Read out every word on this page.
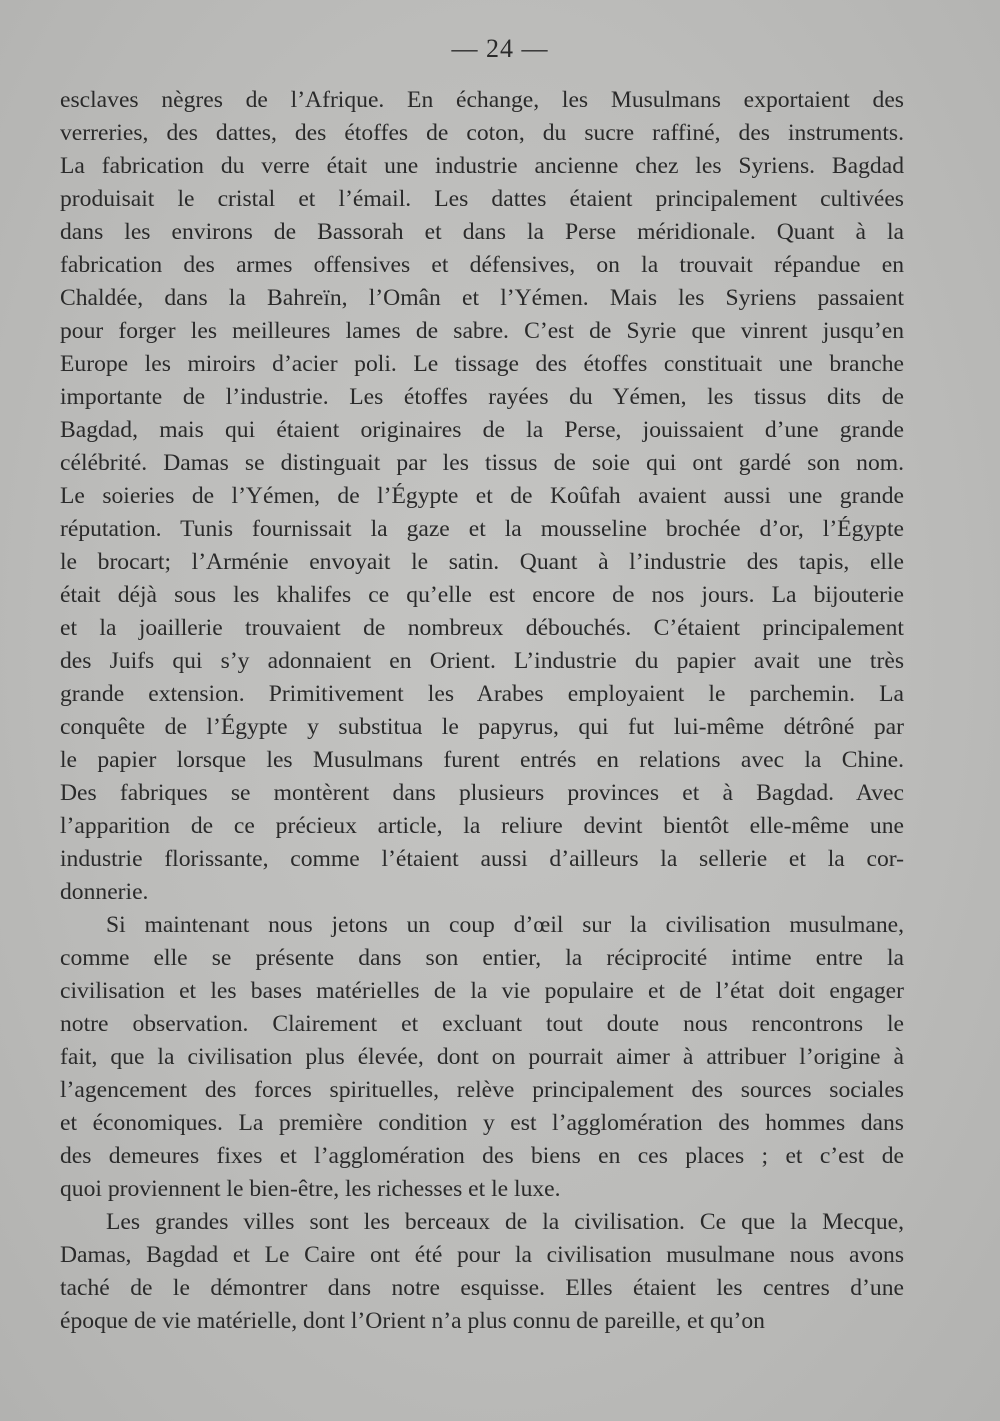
— 24 —

esclaves nègres de l’Afrique. En échange, les Musulmans exportaient des
verreries, des dattes, des étoffes de coton, du sucre raffiné, des instruments.
La fabrication du verre était une industrie ancienne chez les Syriens. Bagdad
produisait le cristal et l’émail. Les dattes étaient principalement cultivées
dans les environs de Bassorah et dans la Perse méridionale. Quant à la
fabrication des armes offensives et défensives, on la trouvait répandue en
Chaldée, dans la Bahreïn, l’Omân et l’Yémen. Mais les Syriens passaient
pour forger les meilleures lames de sabre. C’est de Syrie que vinrent jusqu’en
Europe les miroirs d’acier poli. Le tissage des étoffes constituait une branche
importante de l’industrie. Les étoffes rayées du Yémen, les tissus dits de
Bagdad, mais qui étaient originaires de la Perse, jouissaient d’une grande
célébrité. Damas se distinguait par les tissus de soie qui ont gardé son nom.
Le soieries de l’Yémen, de l’Égypte et de Koûfah avaient aussi une grande
réputation. Tunis fournissait la gaze et la mousseline brochée d’or, l’Égypte
le brocart; l’Arménie envoyait le satin. Quant à l’industrie des tapis, elle
était déjà sous les khalifes ce qu’elle est encore de nos jours. La bijouterie
et la joaillerie trouvaient de nombreux débouchés. C’étaient principalement
des Juifs qui s’y adonnaient en Orient. L’industrie du papier avait une très
grande extension. Primitivement les Arabes employaient le parchemin. La
conquête de l’Égypte y substitua le papyrus, qui fut lui-même détrôné par
le papier lorsque les Musulmans furent entrés en relations avec la Chine.
Des fabriques se montèrent dans plusieurs provinces et à Bagdad. Avec
l’apparition de ce précieux article, la reliure devint bientôt elle-même une
industrie florissante, comme l’étaient aussi d’ailleurs la sellerie et la cor-
donnerie.

Si maintenant nous jetons un coup d’œil sur la civilisation musulmane,
comme elle se présente dans son entier, la réciprocité intime entre la
civilisation et les bases matérielles de la vie populaire et de l’état doit engager
notre observation. Clairement et excluant tout doute nous rencontrons le
fait, que la civilisation plus élevée, dont on pourrait aimer à attribuer l’origine à
l’agencement des forces spirituelles, relève principalement des sources sociales
et économiques. La première condition y est l’agglomération des hommes dans
des demeures fixes et l’agglomération des biens en ces places ; et c’est de
quoi proviennent le bien-être, les richesses et le luxe.

Les grandes villes sont les berceaux de la civilisation. Ce que la Mecque,
Damas, Bagdad et Le Caire ont été pour la civilisation musulmane nous avons
taché de le démontrer dans notre esquisse. Elles étaient les centres d’une
époque de vie matérielle, dont l’Orient n’a plus connu de pareille, et qu’on
